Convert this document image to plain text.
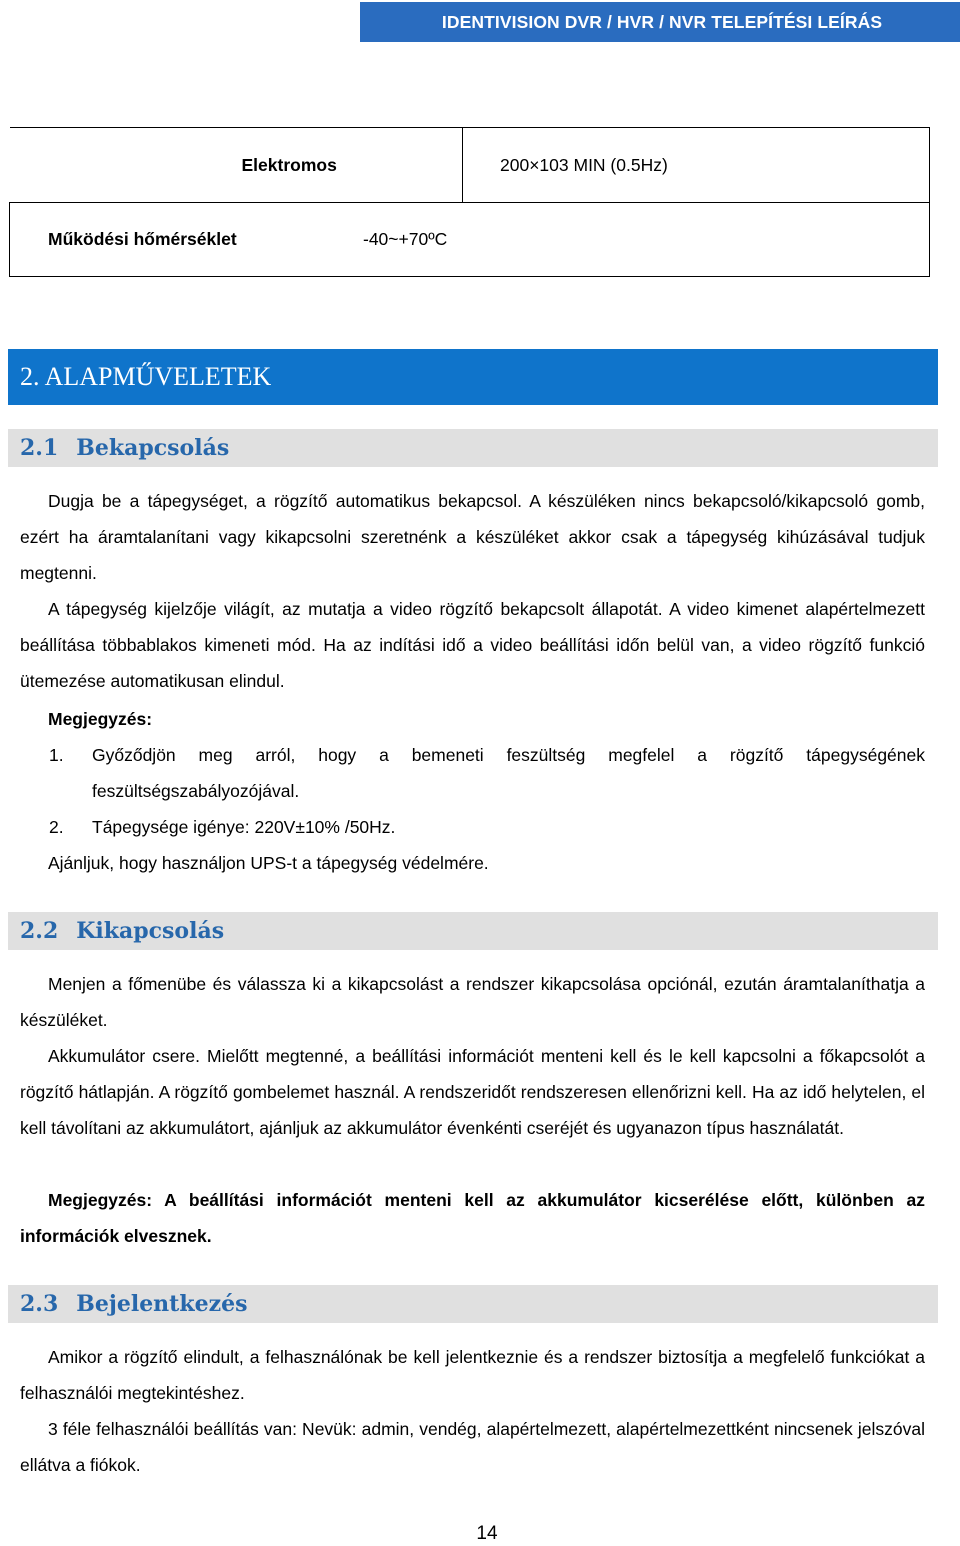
IDENTIVISION DVR / HVR / NVR TELEPÍTÉSI LEÍRÁS
Elektromos		200×103 MIN (0.5Hz)
Működési hőmérséklet	-40~+70ºC	
2. ALAPMŰVELETEK
2.1 Bekapcsolás
Dugja be a tápegységet, a rögzítő automatikus bekapcsol. A készüléken nincs bekapcsoló/kikapcsoló gomb, ezért ha áramtalanítani vagy kikapcsolni szeretnénk a készüléket akkor csak a tápegység kihúzásával tudjuk megtenni.
A tápegység kijelzője világít, az mutatja a video rögzítő bekapcsolt állapotát. A video kimenet alapértelmezett beállítása többablakos kimeneti mód. Ha az indítási idő a video beállítási időn belül van, a video rögzítő funkció ütemezése automatikusan elindul.
Megjegyzés:
1.	Győződjön meg arról, hogy a bemeneti feszültség megfelel a rögzítő tápegységének feszültségszabályozójával.
2.	Tápegysége igénye: 220V±10% /50Hz.
Ajánljuk, hogy használjon UPS-t a tápegység védelmére.
2.2 Kikapcsolás
Menjen a főmenübe és válassza ki a kikapcsolást a rendszer kikapcsolása opciónál, ezután áramtalaníthatja a készüléket.
Akkumulátor csere. Mielőtt megtenné, a beállítási információt menteni kell és le kell kapcsolni a főkapcsolót a rögzítő hátlapján. A rögzítő gombelemet használ. A rendszeridőt rendszeresen ellenőrizni kell. Ha az idő helytelen, el kell távolítani az akkumulátort, ajánljuk az akkumulátor évenkénti cseréjét és ugyanazon típus használatát.
Megjegyzés: A beállítási információt menteni kell az akkumulátor kicserélése előtt, különben az információk elvesznek.
2.3 Bejelentkezés
Amikor a rögzítő elindult, a felhasználónak be kell jelentkeznie és a rendszer biztosítja a megfelelő funkciókat a felhasználói megtekintéshez.
3 féle felhasználói beállítás van: Nevük: admin, vendég, alapértelmezett, alapértelmezettként nincsenek jelszóval ellátva a fiókok.
14
